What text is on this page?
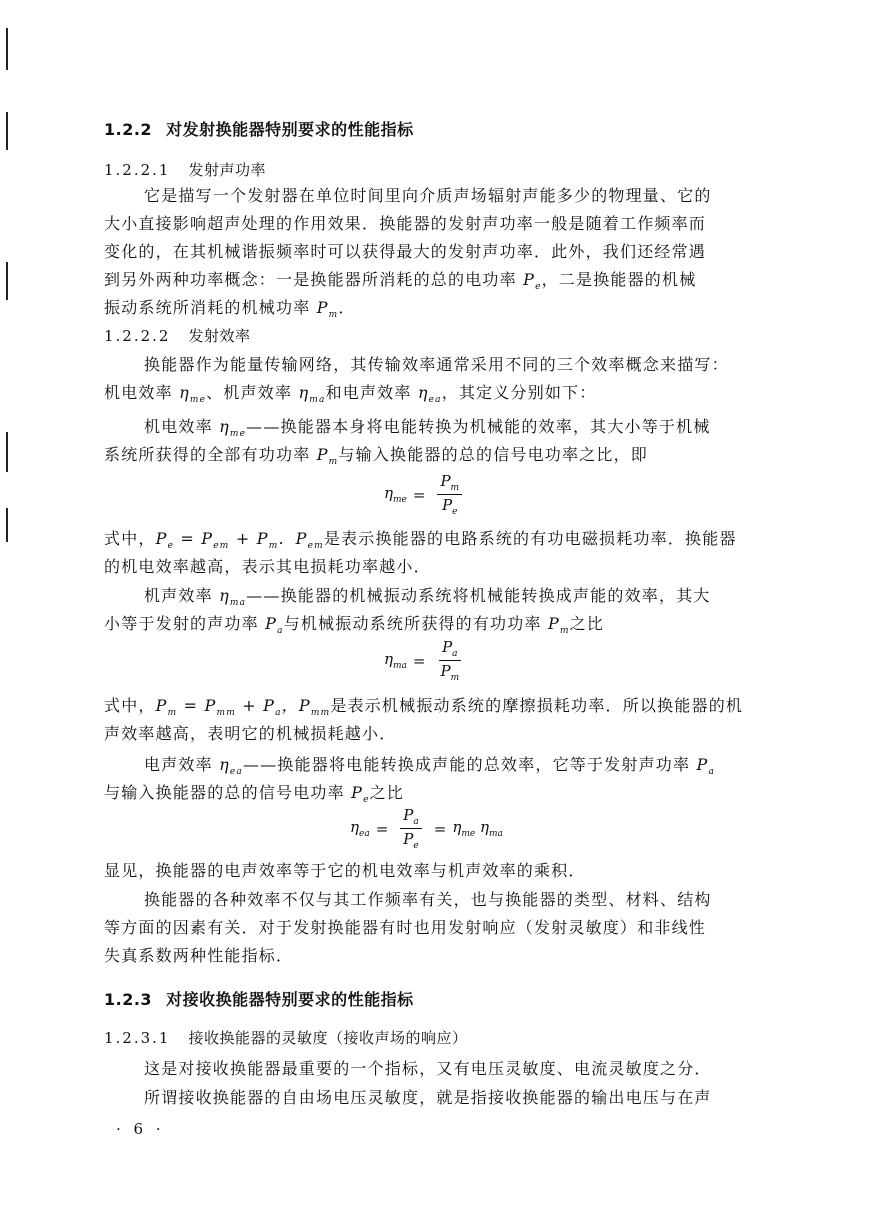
1.2.2 对发射换能器特别要求的性能指标
1.2.2.1 发射声功率
它是描写一个发射器在单位时间里向介质声场辐射声能多少的物理量、它的
大小直接影响超声处理的作用效果．换能器的发射声功率一般是随着工作频率而
变化的，在其机械谐振频率时可以获得最大的发射声功率．此外，我们还经常遇
到另外两种功率概念：一是换能器所消耗的总的电功率 $P_e$，二是换能器的机械
振动系统所消耗的机械功率 $P_m$．
1.2.2.2 发射效率
换能器作为能量传输网络，其传输效率通常采用不同的三个效率概念来描写：
机电效率 $\eta_{me}$、机声效率 $\eta_{ma}$和电声效率 $\eta_{ea}$，其定义分别如下：
机电效率 $\eta_{me}——$换能器本身将电能转换为机械能的效率，其大小等于机械
系统所获得的全部有功功率 $P_m$与输入换能器的总的信号电功率之比，即
$\eta_{me} = \frac{P_m}{P_e}$
式中，$P_e = P_{em} + P_m$．$P_{em}$是表示换能器的电路系统的有功电磁损耗功率．换能器
的机电效率越高，表示其电损耗功率越小．
机声效率 $\eta_{ma}——$换能器的机械振动系统将机械能转换成声能的效率，其大
小等于发射的声功率 $P_a$与机械振动系统所获得的有功功率 $P_m$之比
$\eta_{ma} = \frac{P_a}{P_m}$
式中，$P_m = P_{mm} + P_a$，$P_{mm}$是表示机械振动系统的摩擦损耗功率．所以换能器的机
声效率越高，表明它的机械损耗越小．
电声效率 $\eta_{ea}——$换能器将电能转换成声能的总效率，它等于发射声功率 $P_a$
与输入换能器的总的信号电功率 $P_e$之比
$\eta_{ea} = \frac{P_a}{P_e} = \eta_{me}$ $\eta_{ma}$
显见，换能器的电声效率等于它的机电效率与机声效率的乘积．
换能器的各种效率不仅与其工作频率有关，也与换能器的类型、材料、结构
等方面的因素有关．对于发射换能器有时也用发射响应（发射灵敏度）和非线性
失真系数两种性能指标．
1.2.3 对接收换能器特别要求的性能指标
1.2.3.1 接收换能器的灵敏度（接收声场的响应）
这是对接收换能器最重要的一个指标，又有电压灵敏度、电流灵敏度之分．
所谓接收换能器的自由场电压灵敏度，就是指接收换能器的输出电压与在声
· 6 ·
